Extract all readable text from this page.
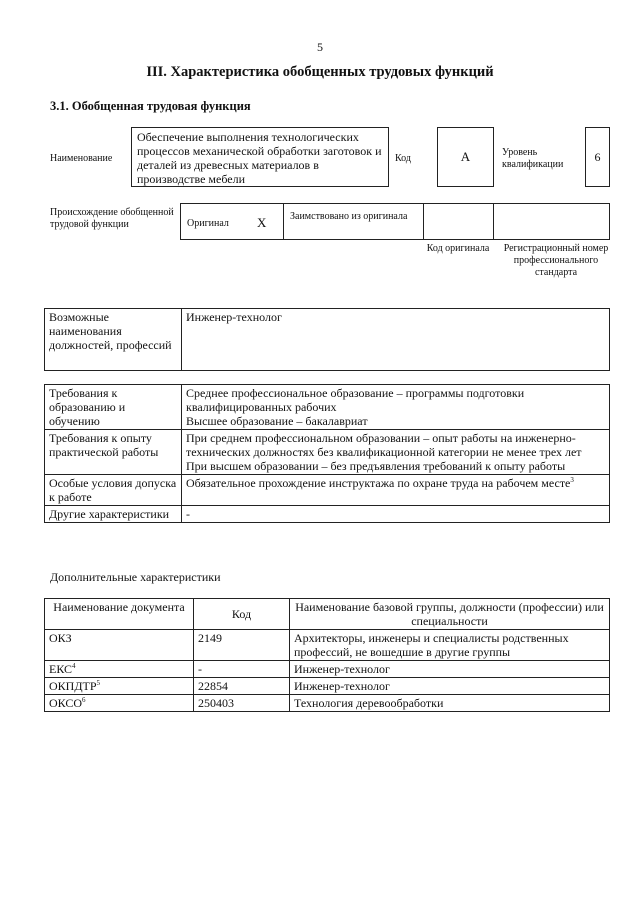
5
III. Характеристика обобщенных трудовых функций
3.1. Обобщенная трудовая функция
Наименование
Обеспечение выполнения технологических процессов механической обработки заготовок и деталей из древесных материалов в производстве мебели
Код	А	Уровень квалификации
6
Происхождение обобщенной трудовой функции	Оригинал X Заимствовано из оригинала
Код оригинала	Регистрационный номер профессионального стандарта
Возможные наименования должностей, профессий	Инженер-технолог
Требования к образованию и обучению	Среднее профессиональное образование – программы подготовки квалифицированных рабочих
Высшее образование – бакалавриат

Требования к опыту практической работы	При среднем профессиональном образовании – опыт работы на инженерно-технических должностях без квалификационной категории не менее трех лет
При высшем образовании – без предъявления требований к опыту работы

Особые условия допуска к работе	Обязательное прохождение инструктажа по охране труда на рабочем месте$^3$
Другие характеристики	-
Дополнительные характеристики
Наименование документа	Код	Наименование базовой группы, должности (профессии) или специальности
ОКЗ	2149	Архитекторы, инженеры и специалисты родственных профессий, не вошедшие в другие группы
ЕКС$^4$	-	Инженер-технолог
ОКПДТР$^5$	22854	Инженер-технолог
ОКСО$^6$	250403	Технология деревообработки
